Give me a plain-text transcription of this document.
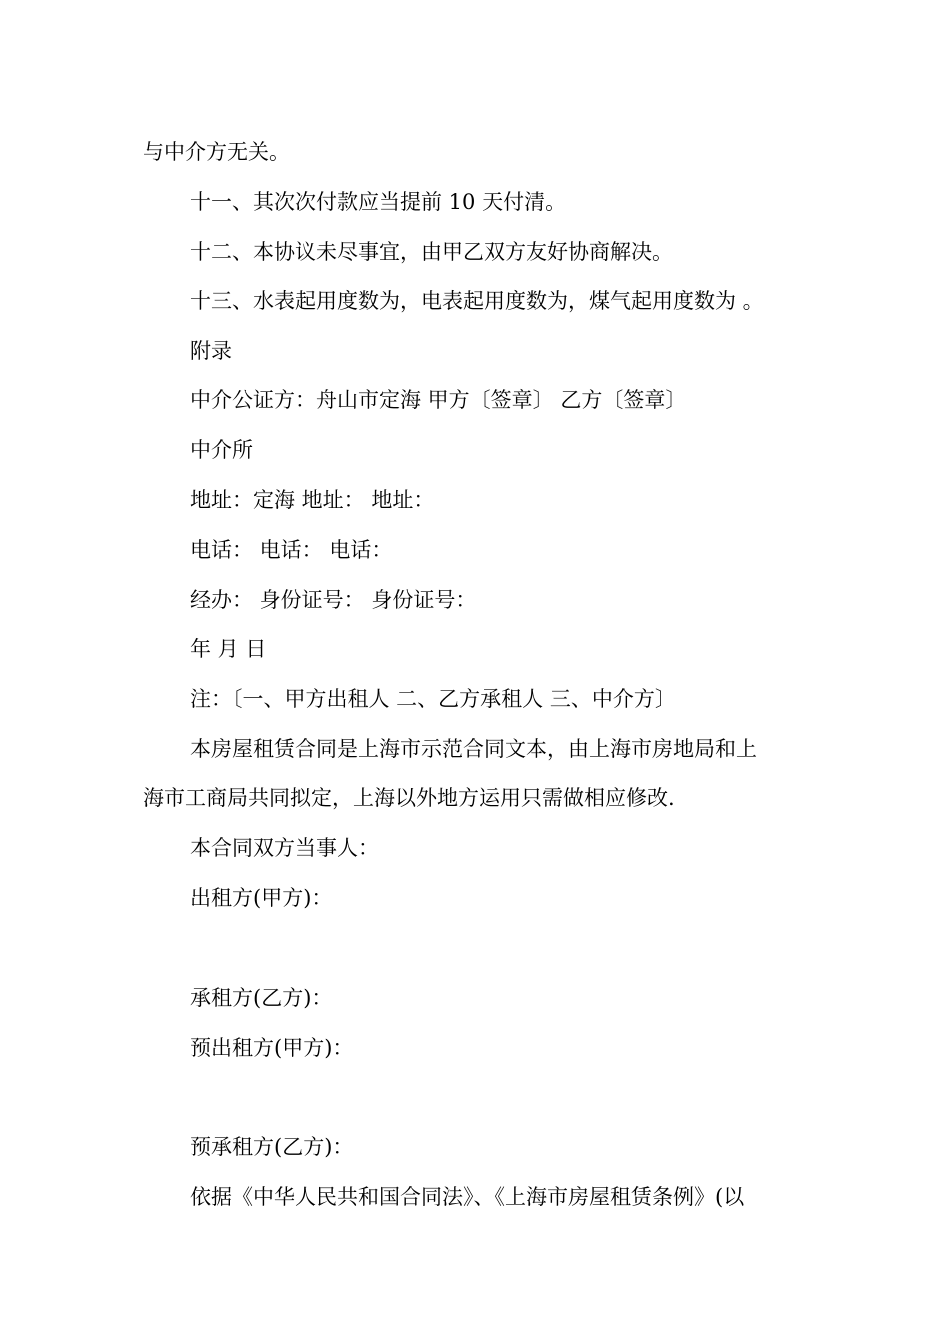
与中介方无关。
十一、其次次付款应当提前 10 天付清。
十二、本协议未尽事宜，由甲乙双方友好协商解决。
十三、水表起用度数为，电表起用度数为，煤气起用度数为 。
附录
中介公证方：舟山市定海 甲方〔签章〕 乙方〔签章〕
中介所
地址：定海 地址： 地址：
电话： 电话： 电话：
经办： 身份证号： 身份证号：
年 月 日
注：〔一、甲方出租人 二、乙方承租人 三、中介方〕
本房屋租赁合同是上海市示范合同文本，由上海市房地局和上
海市工商局共同拟定，上海以外地方运用只需做相应修改.
本合同双方当事人：
出租方(甲方)：
承租方(乙方)：
预出租方(甲方)：
预承租方(乙方)：
依据《中华人民共和国合同法》、《上海市房屋租赁条例》(以
